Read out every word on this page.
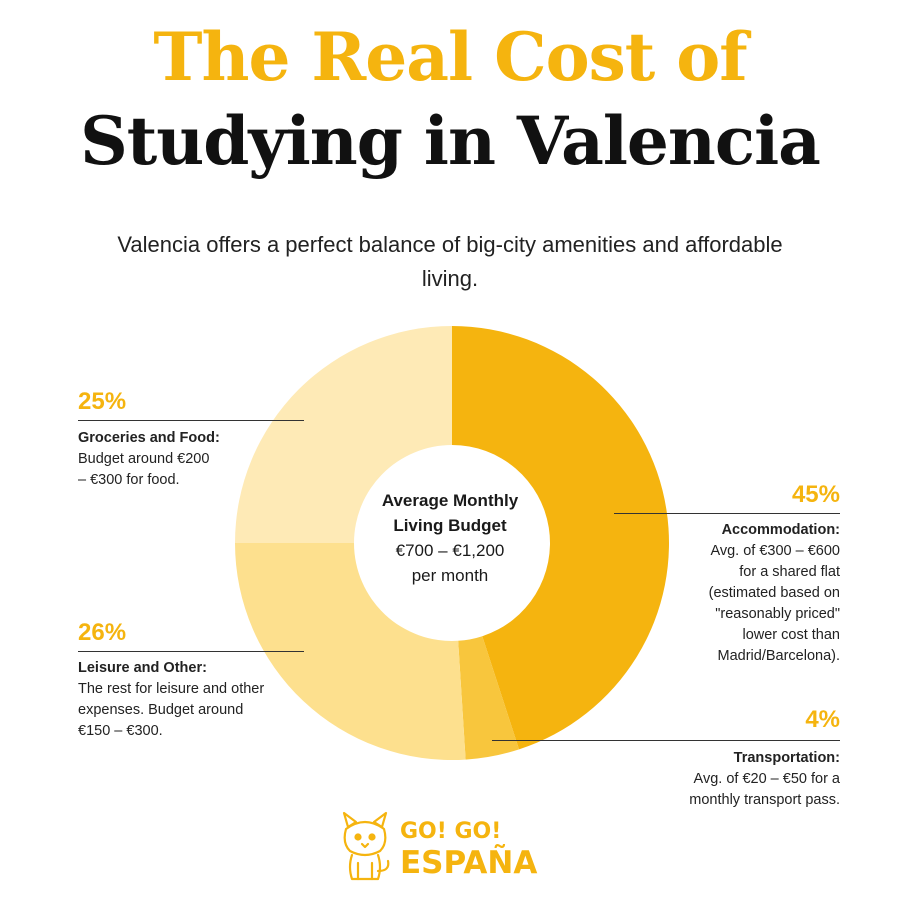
The Real Cost of
Studying in Valencia
Valencia offers a perfect balance of big-city amenities and affordable living.
Average Monthly
Living Budget
€700 – €1,200
per month
25%
Groceries and Food:
Budget around €200
– €300 for food.
26%
Leisure and Other:
The rest for leisure and other
expenses. Budget around
€150 – €300.
45%
Accommodation:
Avg. of €300 – €600
for a shared flat
(estimated based on
"reasonably priced"
lower cost than
Madrid/Barcelona).
4%
Transportation:
Avg. of €20 – €50 for a
monthly transport pass.
GO! GO!
ESPAÑA
